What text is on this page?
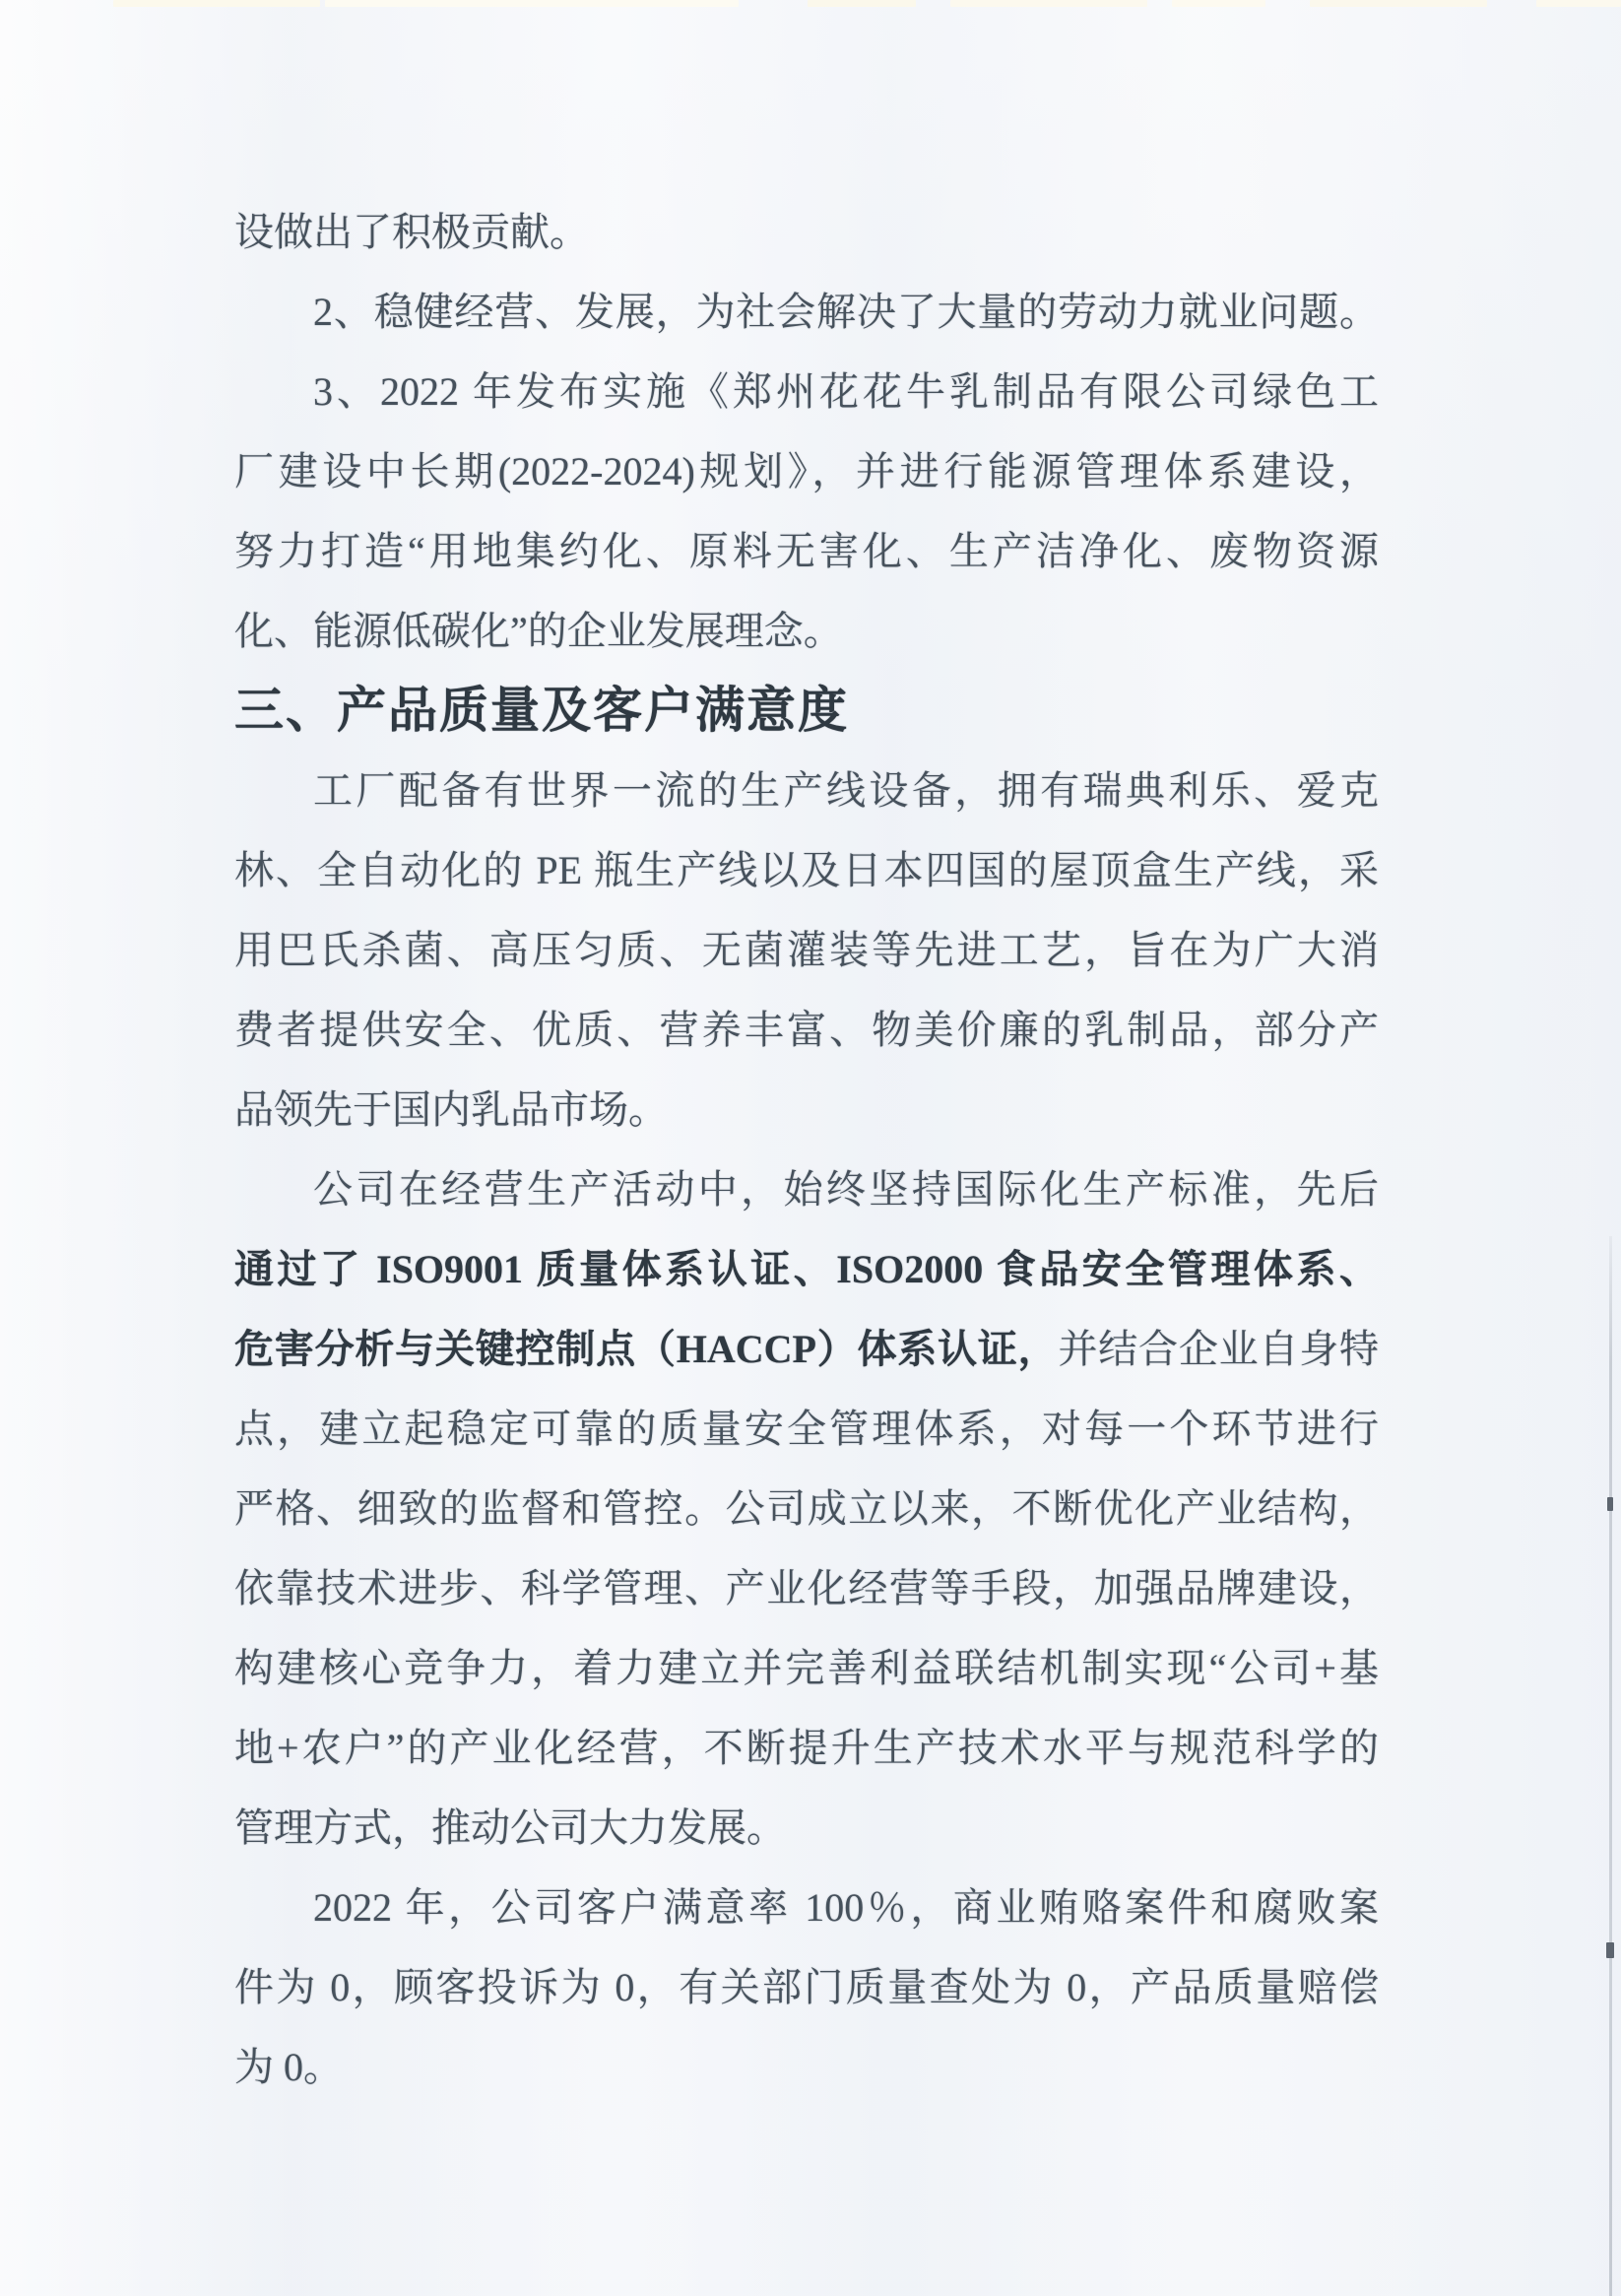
设做出了积极贡献。
2、稳健经营、发展，为社会解决了大量的劳动力就业问题。
3、2022 年发布实施《郑州花花牛乳制品有限公司绿色工
厂建设中长期(2022-2024)规划》，并进行能源管理体系建设，
努力打造“用地集约化、原料无害化、生产洁净化、废物资源
化、能源低碳化”的企业发展理念。
三、产品质量及客户满意度
工厂配备有世界一流的生产线设备，拥有瑞典利乐、爱克
林、全自动化的 PE 瓶生产线以及日本四国的屋顶盒生产线，采
用巴氏杀菌、高压匀质、无菌灌装等先进工艺，旨在为广大消
费者提供安全、优质、营养丰富、物美价廉的乳制品，部分产
品领先于国内乳品市场。
公司在经营生产活动中，始终坚持国际化生产标准，先后
通过了 ISO9001 质量体系认证、ISO2000 食品安全管理体系、
危害分析与关键控制点（HACCP）体系认证，并结合企业自身特
点，建立起稳定可靠的质量安全管理体系，对每一个环节进行
严格、细致的监督和管控。公司成立以来，不断优化产业结构，
依靠技术进步、科学管理、产业化经营等手段，加强品牌建设，
构建核心竞争力，着力建立并完善利益联结机制实现“公司+基
地+农户”的产业化经营，不断提升生产技术水平与规范科学的
管理方式，推动公司大力发展。
2022 年，公司客户满意率 100％，商业贿赂案件和腐败案
件为 0，顾客投诉为 0，有关部门质量查处为 0，产品质量赔偿
为 0。
